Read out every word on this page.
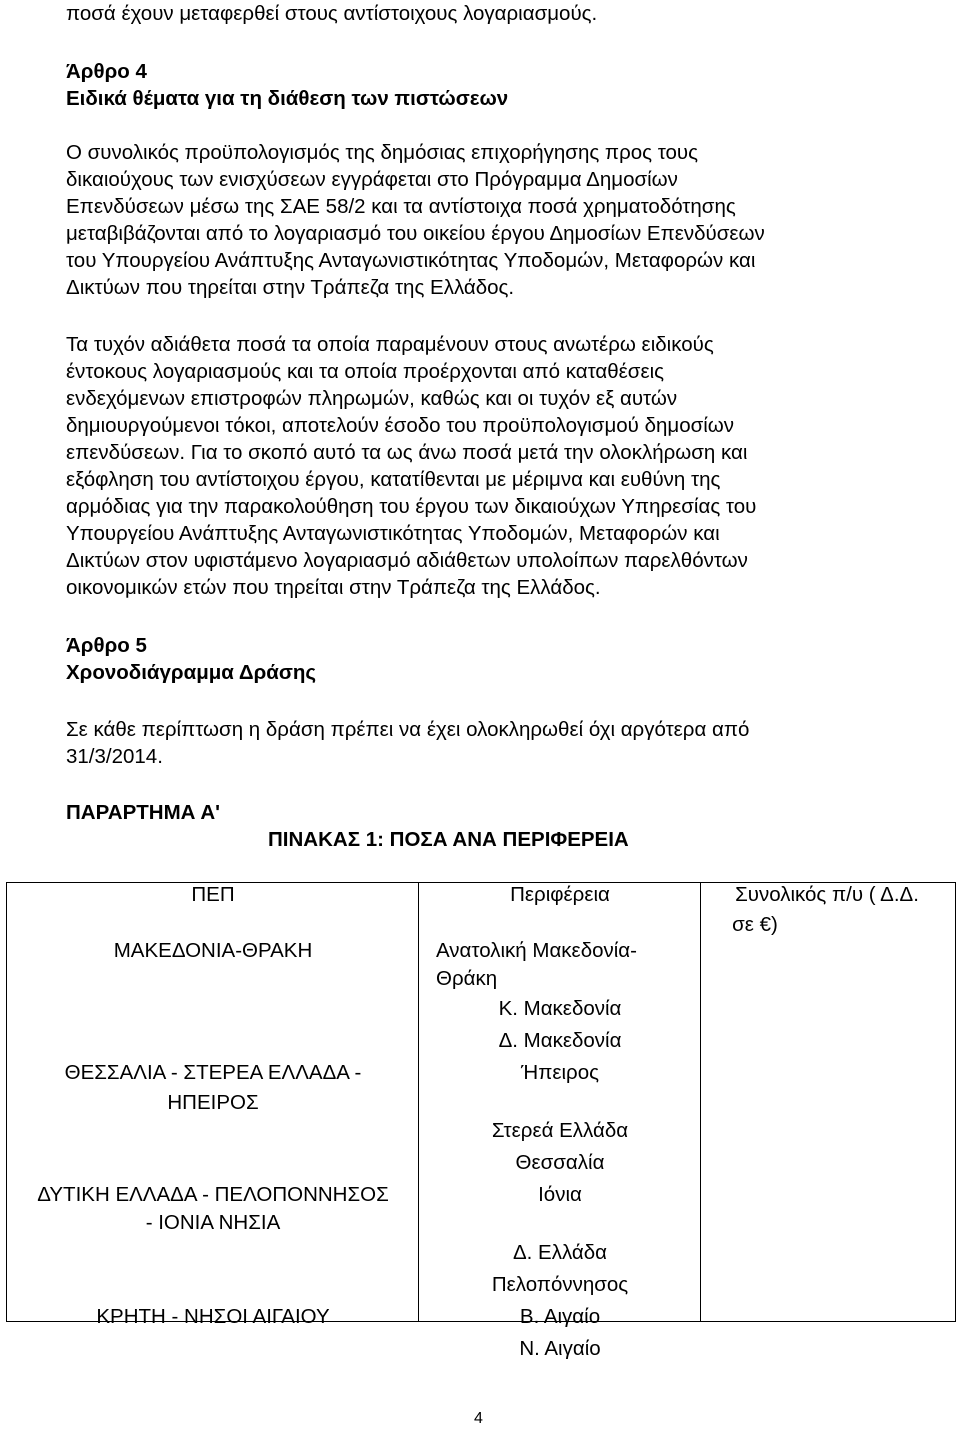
ποσά έχουν μεταφερθεί στους αντίστοιχους λογαριασμούς.
Άρθρο 4
Ειδικά θέματα για τη διάθεση των πιστώσεων
Ο συνολικός προϋπολογισμός της δημόσιας επιχορήγησης προς τους
δικαιούχους των ενισχύσεων εγγράφεται στο Πρόγραμμα Δημοσίων
Επενδύσεων μέσω της ΣΑΕ 58/2 και τα αντίστοιχα ποσά χρηματοδότησης
μεταβιβάζονται από το λογαριασμό του οικείου έργου Δημοσίων Επενδύσεων
του Υπουργείου Ανάπτυξης Ανταγωνιστικότητας Υποδομών, Μεταφορών και
Δικτύων που τηρείται στην Τράπεζα της Ελλάδος.
Τα τυχόν αδιάθετα ποσά τα οποία παραμένουν στους ανωτέρω ειδικούς
έντοκους λογαριασμούς και τα οποία προέρχονται από καταθέσεις
ενδεχόμενων επιστροφών πληρωμών, καθώς και οι τυχόν εξ αυτών
δημιουργούμενοι τόκοι, αποτελούν έσοδο του προϋπολογισμού δημοσίων
επενδύσεων. Για το σκοπό αυτό τα ως άνω ποσά μετά την ολοκλήρωση και
εξόφληση του αντίστοιχου έργου, κατατίθενται με μέριμνα και ευθύνη της
αρμόδιας για την παρακολούθηση του έργου των δικαιούχων Υπηρεσίας του
Υπουργείου Ανάπτυξης Ανταγωνιστικότητας Υποδομών, Μεταφορών και
Δικτύων στον υφιστάμενο λογαριασμό αδιάθετων υπολοίπων παρελθόντων
οικονομικών ετών που τηρείται στην Τράπεζα της Ελλάδος.
Άρθρο 5
Χρονοδιάγραμμα Δράσης
Σε κάθε περίπτωση η δράση πρέπει να έχει ολοκληρωθεί όχι αργότερα από
31/3/2014.
ΠΑΡΑΡΤΗΜΑ Α'
ΠΙΝΑΚΑΣ 1: ΠΟΣΑ ΑΝΑ ΠΕΡΙΦΕΡΕΙΑ
ΠΕΠ	Περιφέρεια	Συνολικός π/υ ( Δ.Δ.
σε €)
ΜΑΚΕΔΟΝΙΑ-ΘΡΑΚΗ
ΘΕΣΣΑΛΙΑ - ΣΤΕΡΕΑ ΕΛΛΑΔΑ -
ΗΠΕΙΡΟΣ
ΔΥΤΙΚΗ ΕΛΛΑΔΑ - ΠΕΛΟΠΟΝΝΗΣΟΣ
- ΙΟΝΙΑ ΝΗΣΙΑ
ΚΡΗΤΗ - ΝΗΣΟΙ ΑΙΓΑΙΟΥ
Ανατολική Μακεδονία-
Θράκη
Κ. Μακεδονία
Δ. Μακεδονία
Ήπειρος
Στερεά Ελλάδα
Θεσσαλία
Ιόνια
Δ. Ελλάδα
Πελοπόννησος
Β. Αιγαίο
Ν. Αιγαίο
4
